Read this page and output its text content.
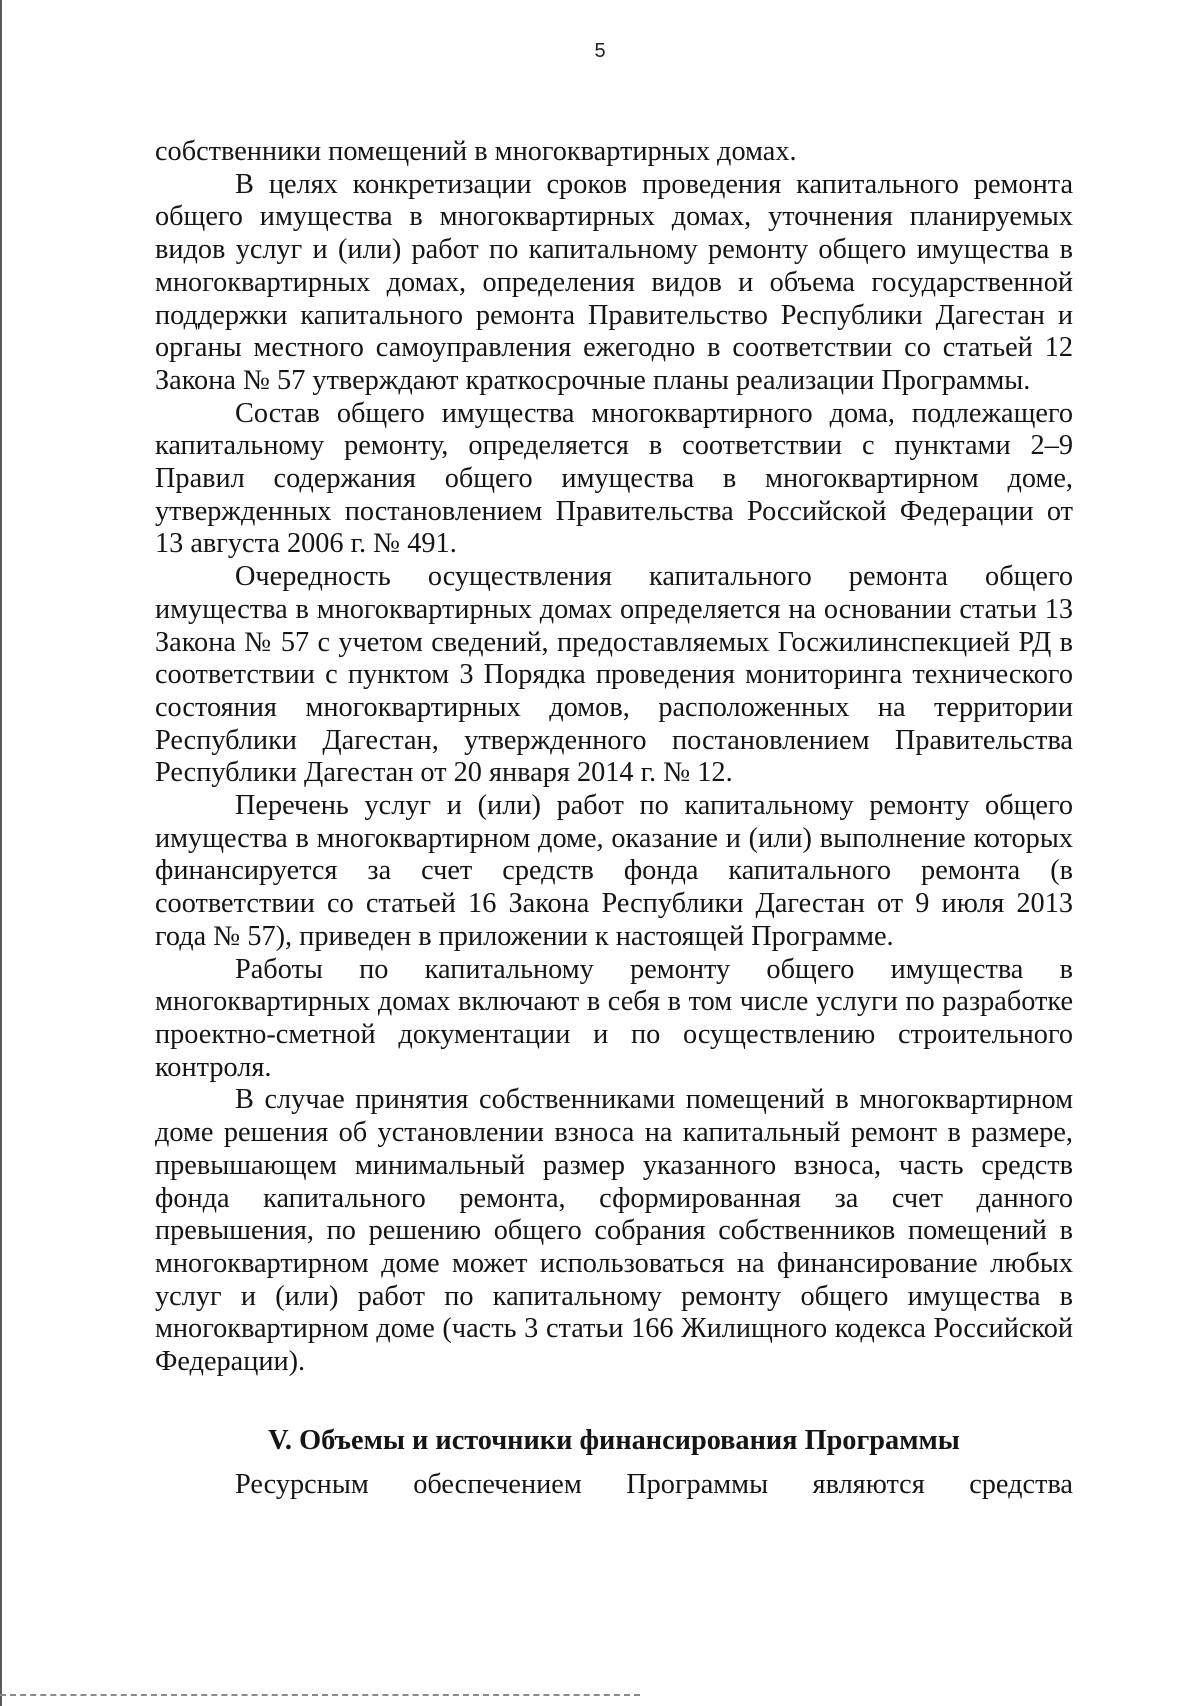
5

собственники помещений в многоквартирных домах.

В целях конкретизации сроков проведения капитального ремонта общего имущества в многоквартирных домах, уточнения планируемых видов услуг и (или) работ по капитальному ремонту общего имущества в многоквартирных домах, определения видов и объема государственной поддержки капитального ремонта Правительство Республики Дагестан и органы местного самоуправления ежегодно в соответствии со статьей 12 Закона № 57 утверждают краткосрочные планы реализации Программы.

Состав общего имущества многоквартирного дома, подлежащего капитальному ремонту, определяется в соответствии с пунктами 2–9 Правил содержания общего имущества в многоквартирном доме, утвержденных постановлением Правительства Российской Федерации от 13 августа 2006 г. № 491.

Очередность осуществления капитального ремонта общего имущества в многоквартирных домах определяется на основании статьи 13 Закона № 57 с учетом сведений, предоставляемых Госжилинспекцией РД в соответствии с пунктом 3 Порядка проведения мониторинга технического состояния многоквартирных домов, расположенных на территории Республики Дагестан, утвержденного постановлением Правительства Республики Дагестан от 20 января 2014 г. № 12.

Перечень услуг и (или) работ по капитальному ремонту общего имущества в многоквартирном доме, оказание и (или) выполнение которых финансируется за счет средств фонда капитального ремонта (в соответствии со статьей 16 Закона Республики Дагестан от 9 июля 2013 года № 57), приведен в приложении к настоящей Программе.

Работы по капитальному ремонту общего имущества в многоквартирных домах включают в себя в том числе услуги по разработке проектно-сметной документации и по осуществлению строительного контроля.

В случае принятия собственниками помещений в многоквартирном доме решения об установлении взноса на капитальный ремонт в размере, превышающем минимальный размер указанного взноса, часть средств фонда капитального ремонта, сформированная за счет данного превышения, по решению общего собрания собственников помещений в многоквартирном доме может использоваться на финансирование любых услуг и (или) работ по капитальному ремонту общего имущества в многоквартирном доме (часть 3 статьи 166 Жилищного кодекса Российской Федерации).

V. Объемы и источники финансирования Программы

Ресурсным обеспечением Программы являются средства
